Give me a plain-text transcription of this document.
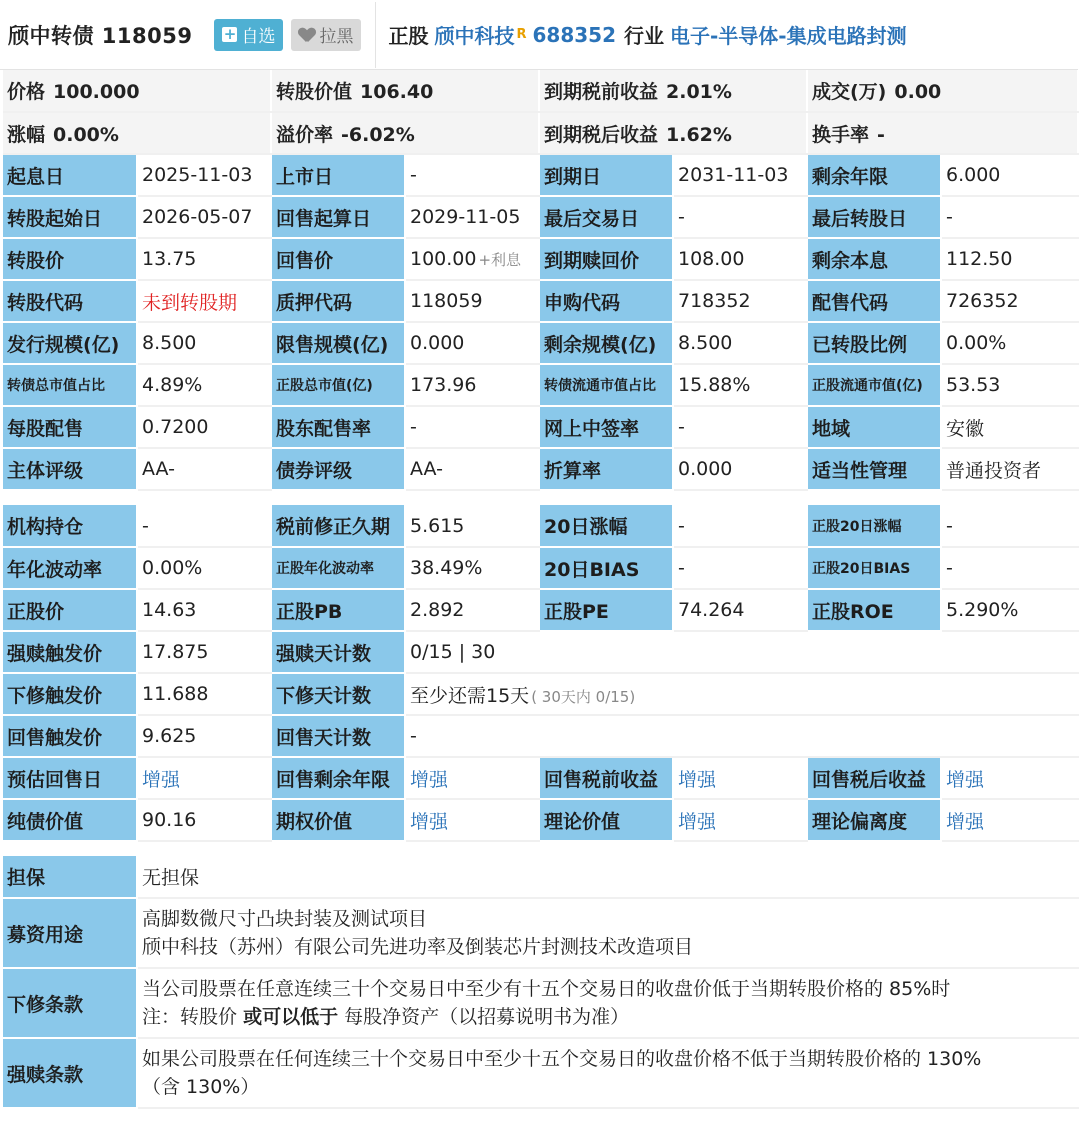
颀中转债 118059 + 自选	拉黑 正股 颀中科技 R 688352 行业 电子-半导体-集成电路封测
价格 100.000		转股价值 106.40		到期税前收益 2.01%		成交(万) 0.00	
涨幅 0.00%		溢价率 -6.02%		到期税后收益 1.62%		换手率 -	
起息日	2025-11-03	上市日	-	到期日	2031-11-03	剩余年限	6.000
转股起始日	2026-05-07	回售起算日	2029-11-05	最后交易日	-	最后转股日	-
转股价	13.75	回售价	100.00 +利息	到期赎回价	108.00	剩余本息	112.50
转股代码	未到转股期	质押代码	118059	申购代码	718352	配售代码	726352
发行规模(亿)	8.500	限售规模(亿)	0.000	剩余规模(亿)	8.500	已转股比例	0.00%
转债总市值占比	4.89%	正股总市值(亿)	173.96	转债流通市值占比	15.88%	正股流通市值(亿)	53.53
每股配售	0.7200	股东配售率	-	网上中签率	-	地域	安徽
主体评级	AA-	债券评级	AA-	折算率	0.000	适当性管理	普通投资者
机构持仓	-	税前修正久期	5.615	20日涨幅	-	正股20日涨幅	-
年化波动率	0.00%	正股年化波动率	38.49%	20日BIAS	-	正股20日BIAS	-
正股价	14.63	正股PB	2.892	正股PE	74.264	正股ROE	5.290%
强赎触发价	17.875	强赎天计数	0/15 | 30				
下修触发价	11.688	下修天计数	至少还需15天 ( 30天内 0/15)				
回售触发价	9.625	回售天计数	-				
预估回售日	增强	回售剩余年限	增强	回售税前收益	增强	回售税后收益	增强
纯债价值	90.16	期权价值	增强	理论价值	增强	理论偏离度	增强
担保	无担保
募资用途	高脚数微尺寸凸块封装及测试项目
颀中科技（苏州）有限公司先进功率及倒装芯片封测技术改造项目

下修条款	当公司股票在任意连续三十个交易日中至少有十五个交易日的收盘价低于当期转股价格的 85%时
注：转股价 或可以低于 每股净资产（以招募说明书为准）

强赎条款	如果公司股票在任何连续三十个交易日中至少十五个交易日的收盘价格不低于当期转股价格的 130%
（含 130%）
